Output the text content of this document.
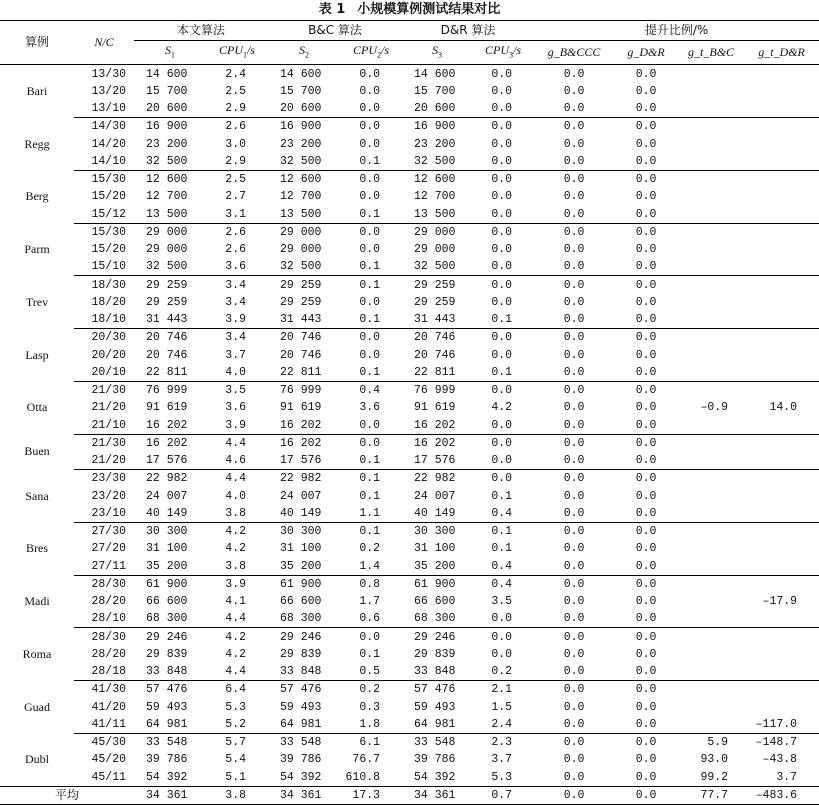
表 1 小规模算例测试结果对比
算例	N/C	本文算法		B&C 算法		D&R 算法		提升比例/%			
		$S_1$	$CPU_1/s$	$S_2$	$CPU_2/s$	$S_3$	$CPU_3/s$	g_B&CCC	g_D&R	g_t_B&C	g_t_D&R
Bari	13/30	14 600	2.4	14 600	0.0	14 600	0.0	0.0	0.0		
	13/20	15 700	2.5	15 700	0.0	15 700	0.0	0.0	0.0		
	13/10	20 600	2.9	20 600	0.0	20 600	0.0	0.0	0.0		
Regg	14/30	16 900	2.6	16 900	0.0	16 900	0.0	0.0	0.0		
	14/20	23 200	3.0	23 200	0.0	23 200	0.0	0.0	0.0		
	14/10	32 500	2.9	32 500	0.1	32 500	0.0	0.0	0.0		
Berg	15/30	12 600	2.5	12 600	0.0	12 600	0.0	0.0	0.0		
	15/20	12 700	2.7	12 700	0.0	12 700	0.0	0.0	0.0		
	15/12	13 500	3.1	13 500	0.1	13 500	0.0	0.0	0.0		
Parm	15/30	29 000	2.6	29 000	0.0	29 000	0.0	0.0	0.0		
	15/20	29 000	2.6	29 000	0.0	29 000	0.0	0.0	0.0		
	15/10	32 500	3.6	32 500	0.1	32 500	0.0	0.0	0.0		
Trev	18/30	29 259	3.4	29 259	0.1	29 259	0.0	0.0	0.0		
	18/20	29 259	3.4	29 259	0.0	29 259	0.0	0.0	0.0		
	18/10	31 443	3.9	31 443	0.1	31 443	0.1	0.0	0.0		
Lasp	20/30	20 746	3.4	20 746	0.0	20 746	0.0	0.0	0.0		
	20/20	20 746	3.7	20 746	0.0	20 746	0.0	0.0	0.0		
	20/10	22 811	4.0	22 811	0.1	22 811	0.1	0.0	0.0		
Otta	21/30	76 999	3.5	76 999	0.4	76 999	0.0	0.0	0.0		
	21/20	91 619	3.6	91 619	3.6	91 619	4.2	0.0	0.0	–0.9	14.0
	21/10	16 202	3.9	16 202	0.0	16 202	0.0	0.0	0.0		
Buen	21/30	16 202	4.4	16 202	0.0	16 202	0.0	0.0	0.0		
	21/20	17 576	4.6	17 576	0.1	17 576	0.0	0.0	0.0		
Sana	23/30	22 982	4.4	22 982	0.1	22 982	0.0	0.0	0.0		
	23/20	24 007	4.0	24 007	0.1	24 007	0.1	0.0	0.0		
	23/10	40 149	3.8	40 149	1.1	40 149	0.4	0.0	0.0		
Bres	27/30	30 300	4.2	30 300	0.1	30 300	0.1	0.0	0.0		
	27/20	31 100	4.2	31 100	0.2	31 100	0.1	0.0	0.0		
	27/11	35 200	3.8	35 200	1.4	35 200	0.4	0.0	0.0		
Madi	28/30	61 900	3.9	61 900	0.8	61 900	0.4	0.0	0.0		
	28/20	66 600	4.1	66 600	1.7	66 600	3.5	0.0	0.0		–17.9
	28/10	68 300	4.4	68 300	0.6	68 300	0.0	0.0	0.0		
Roma	28/30	29 246	4.2	29 246	0.0	29 246	0.0	0.0	0.0		
	28/20	29 839	4.2	29 839	0.1	29 839	0.0	0.0	0.0		
	28/18	33 848	4.4	33 848	0.5	33 848	0.2	0.0	0.0		
Guad	41/30	57 476	6.4	57 476	0.2	57 476	2.1	0.0	0.0		
	41/20	59 493	5.3	59 493	0.3	59 493	1.5	0.0	0.0		
	41/11	64 981	5.2	64 981	1.8	64 981	2.4	0.0	0.0		–117.0
Dubl	45/30	33 548	5.7	33 548	6.1	33 548	2.3	0.0	0.0	5.9	–148.7
	45/20	39 786	5.4	39 786	76.7	39 786	3.7	0.0	0.0	93.0	–43.8
	45/11	54 392	5.1	54 392	610.8	54 392	5.3	0.0	0.0	99.2	3.7
平均		34 361	3.8	34 361	17.3	34 361	0.7	0.0	0.0	77.7	–483.6
